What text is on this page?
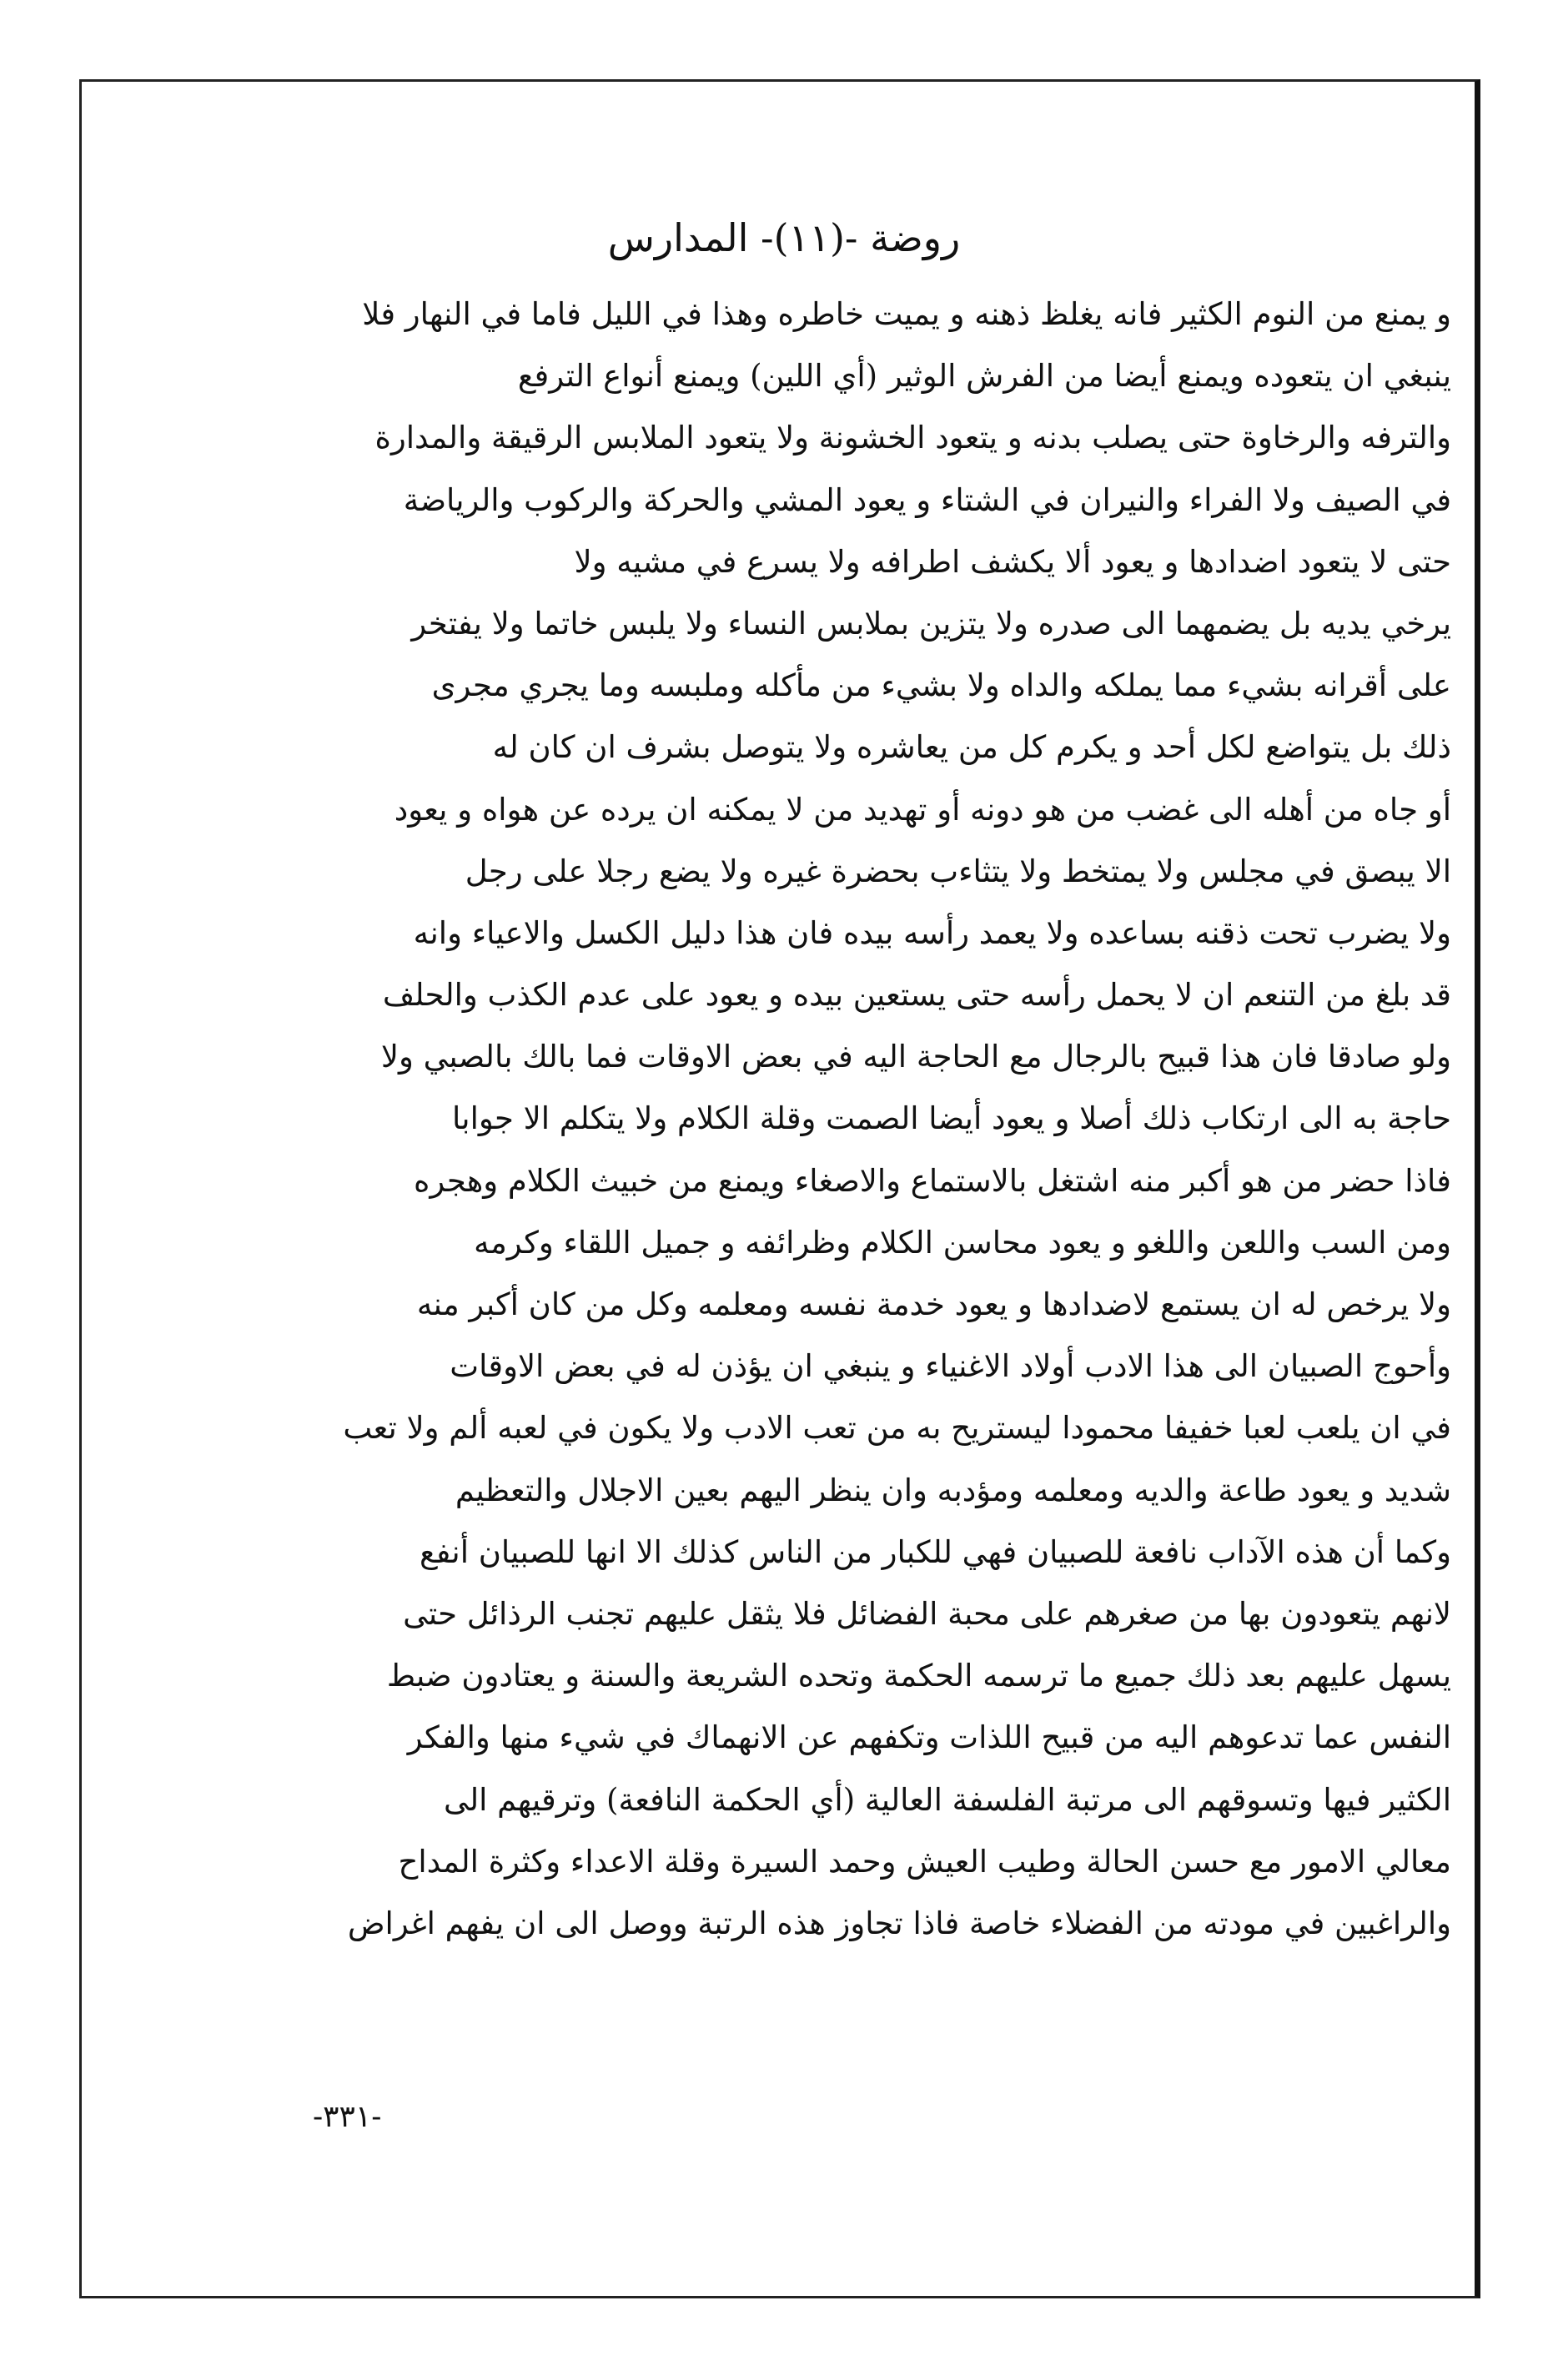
روضة -(١١)- المدارس
و يمنع من النوم الكثير فانه يغلظ ذهنه و يميت خاطره وهذا في الليل فاما في النهار فلا
ينبغي ان يتعوده ويمنع أيضا من الفرش الوثير (أي اللين) ويمنع أنواع الترفع
والترفه والرخاوة حتى يصلب بدنه و يتعود الخشونة ولا يتعود الملابس الرقيقة والمدارة
في الصيف ولا الفراء والنيران في الشتاء و يعود المشي والحركة والركوب والرياضة
حتى لا يتعود اضدادها و يعود ألا يكشف اطرافه ولا يسرع في مشيه ولا
يرخي يديه بل يضمهما الى صدره ولا يتزين بملابس النساء ولا يلبس خاتما ولا يفتخر
على أقرانه بشيء مما يملكه والداه ولا بشيء من مأكله وملبسه وما يجري مجرى
ذلك بل يتواضع لكل أحد و يكرم كل من يعاشره ولا يتوصل بشرف ان كان له
أو جاه من أهله الى غضب من هو دونه أو تهديد من لا يمكنه ان يرده عن هواه و يعود
الا يبصق في مجلس ولا يمتخط ولا يتثاءب بحضرة غيره ولا يضع رجلا على رجل
ولا يضرب تحت ذقنه بساعده ولا يعمد رأسه بيده فان هذا دليل الكسل والاعياء وانه
قد بلغ من التنعم ان لا يحمل رأسه حتى يستعين بيده و يعود على عدم الكذب والحلف
ولو صادقا فان هذا قبيح بالرجال مع الحاجة اليه في بعض الاوقات فما بالك بالصبي ولا
حاجة به الى ارتكاب ذلك أصلا و يعود أيضا الصمت وقلة الكلام ولا يتكلم الا جوابا
فاذا حضر من هو أكبر منه اشتغل بالاستماع والاصغاء ويمنع من خبيث الكلام وهجره
ومن السب واللعن واللغو و يعود محاسن الكلام وظرائفه و جميل اللقاء وكرمه
ولا يرخص له ان يستمع لاضدادها و يعود خدمة نفسه ومعلمه وكل من كان أكبر منه
وأحوج الصبيان الى هذا الادب أولاد الاغنياء و ينبغي ان يؤذن له في بعض الاوقات
في ان يلعب لعبا خفيفا محمودا ليستريح به من تعب الادب ولا يكون في لعبه ألم ولا تعب
شديد و يعود طاعة والديه ومعلمه ومؤدبه وان ينظر اليهم بعين الاجلال والتعظيم
وكما أن هذه الآداب نافعة للصبيان فهي للكبار من الناس كذلك الا انها للصبيان أنفع
لانهم يتعودون بها من صغرهم على محبة الفضائل فلا يثقل عليهم تجنب الرذائل حتى
يسهل عليهم بعد ذلك جميع ما ترسمه الحكمة وتحده الشريعة والسنة و يعتادون ضبط
النفس عما تدعوهم اليه من قبيح اللذات وتكفهم عن الانهماك في شيء منها والفكر
الكثير فيها وتسوقهم الى مرتبة الفلسفة العالية (أي الحكمة النافعة) وترقيهم الى
معالي الامور مع حسن الحالة وطيب العيش وحمد السيرة وقلة الاعداء وكثرة المداح
والراغبين في مودته من الفضلاء خاصة فاذا تجاوز هذه الرتبة ووصل الى ان يفهم اغراض
-٣٣١-
